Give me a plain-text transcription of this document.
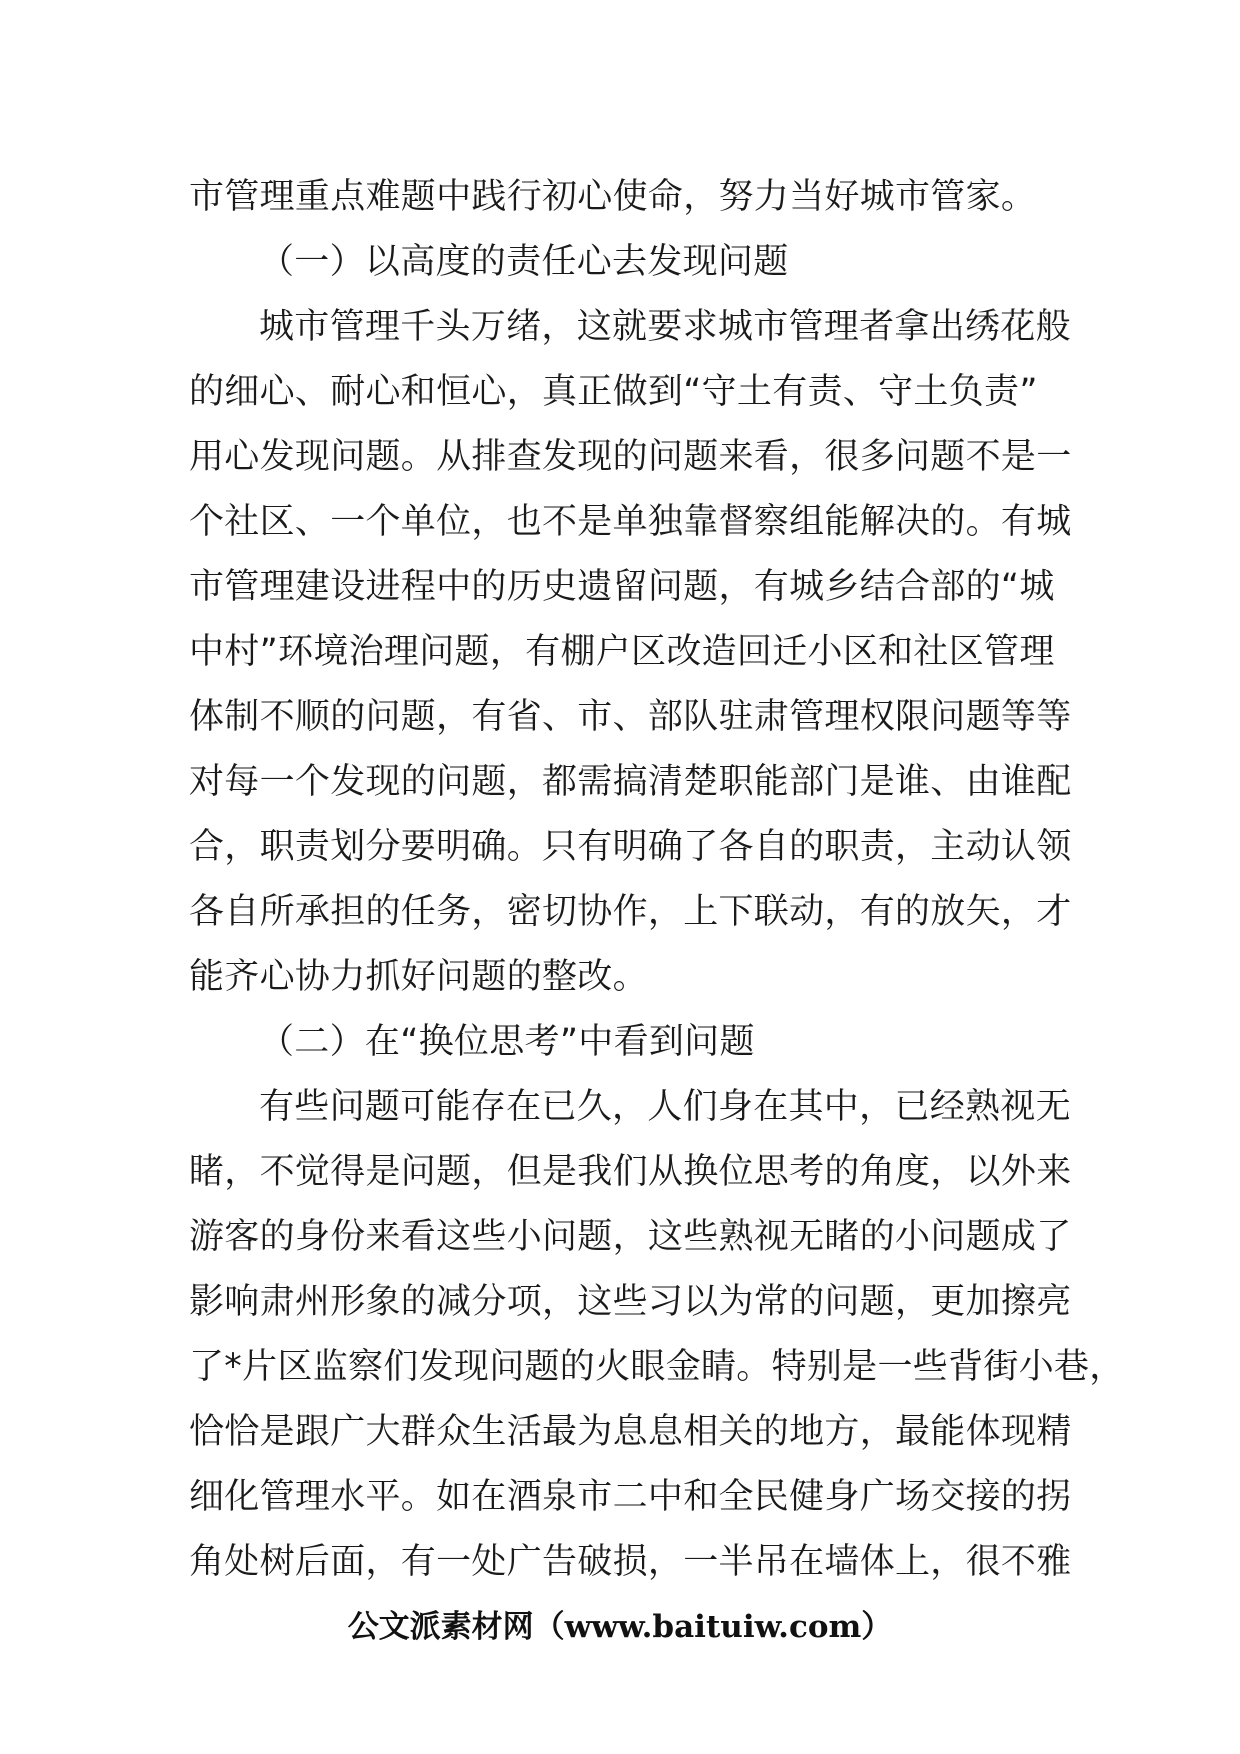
市管理重点难题中践行初心使命，努力当好城市管家。
（一）以高度的责任心去发现问题
城市管理千头万绪，这就要求城市管理者拿出绣花般
的细心、耐心和恒心，真正做到“守土有责、守土负责”
用心发现问题。从排查发现的问题来看，很多问题不是一
个社区、一个单位，也不是单独靠督察组能解决的。有城
市管理建设进程中的历史遗留问题，有城乡结合部的“城
中村”环境治理问题，有棚户区改造回迁小区和社区管理
体制不顺的问题，有省、市、部队驻肃管理权限问题等等
对每一个发现的问题，都需搞清楚职能部门是谁、由谁配
合，职责划分要明确。只有明确了各自的职责，主动认领
各自所承担的任务，密切协作，上下联动，有的放矢，才
能齐心协力抓好问题的整改。
（二）在“换位思考”中看到问题
有些问题可能存在已久，人们身在其中，已经熟视无
睹，不觉得是问题，但是我们从换位思考的角度，以外来
游客的身份来看这些小问题，这些熟视无睹的小问题成了
影响肃州形象的减分项，这些习以为常的问题，更加擦亮
了*片区监察们发现问题的火眼金睛。特别是一些背街小巷，
恰恰是跟广大群众生活最为息息相关的地方，最能体现精
细化管理水平。如在酒泉市二中和全民健身广场交接的拐
角处树后面，有一处广告破损，一半吊在墙体上，很不雅
公文派素材网（www.baituiw.com）
